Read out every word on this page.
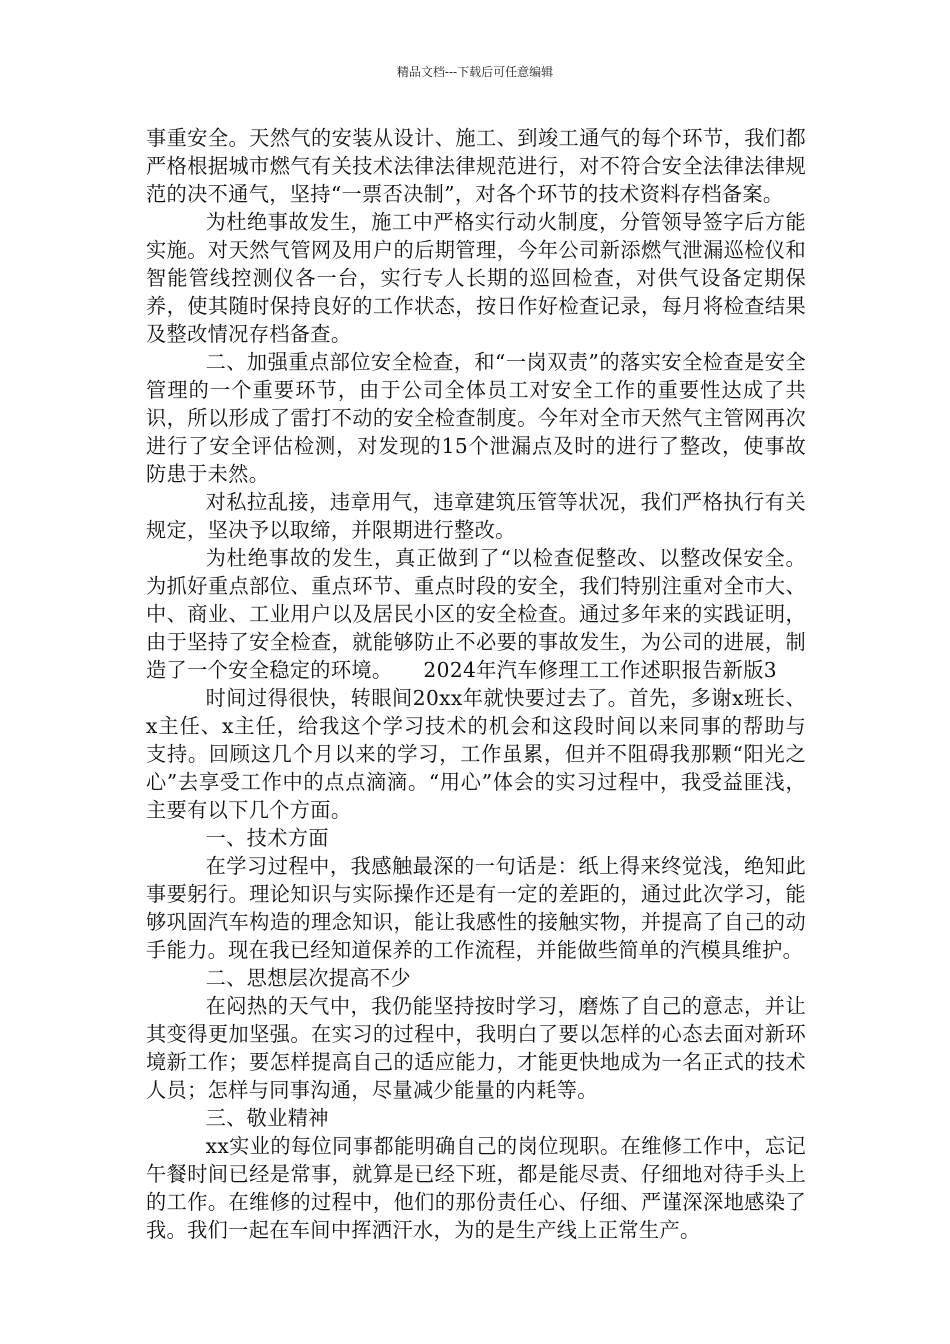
精品文档---下载后可任意编辑

事重安全。天然气的安装从设计、施工、到竣工通气的每个环节，我们都严格根据城市燃气有关技术法律法律规范进行，对不符合安全法律法律规范的决不通气，坚持“一票否决制”，对各个环节的技术资料存档备案。

为杜绝事故发生，施工中严格实行动火制度，分管领导签字后方能实施。对天然气管网及用户的后期管理，今年公司新添燃气泄漏巡检仪和智能管线控测仪各一台，实行专人长期的巡回检查，对供气设备定期保养，使其随时保持良好的工作状态，按日作好检查记录，每月将检查结果及整改情况存档备查。

二、加强重点部位安全检查，和“一岗双责”的落实安全检查是安全管理的一个重要环节，由于公司全体员工对安全工作的重要性达成了共识，所以形成了雷打不动的安全检查制度。今年对全市天然气主管网再次进行了安全评估检测，对发现的15个泄漏点及时的进行了整改，使事故防患于未然。

对私拉乱接，违章用气，违章建筑压管等状况，我们严格执行有关规定，坚决予以取缔，并限期进行整改。

为杜绝事故的发生，真正做到了“以检查促整改、以整改保安全。为抓好重点部位、重点环节、重点时段的安全，我们特别注重对全市大、中、商业、工业用户以及居民小区的安全检查。通过多年来的实践证明，由于坚持了安全检查，就能够防止不必要的事故发生，为公司的进展，制造了一个安全稳定的环境。　　2024年汽车修理工工作述职报告新版3

时间过得很快，转眼间20xx年就快要过去了。首先，多谢x班长、x主任、x主任，给我这个学习技术的机会和这段时间以来同事的帮助与支持。回顾这几个月以来的学习，工作虽累，但并不阻碍我那颗“阳光之心”去享受工作中的点点滴滴。“用心”体会的实习过程中，我受益匪浅，主要有以下几个方面。

一、技术方面

在学习过程中，我感触最深的一句话是：纸上得来终觉浅，绝知此事要躬行。理论知识与实际操作还是有一定的差距的，通过此次学习，能够巩固汽车构造的理念知识，能让我感性的接触实物，并提高了自己的动手能力。现在我已经知道保养的工作流程，并能做些简单的汽模具维护。

二、思想层次提高不少

在闷热的天气中，我仍能坚持按时学习，磨炼了自己的意志，并让其变得更加坚强。在实习的过程中，我明白了要以怎样的心态去面对新环境新工作；要怎样提高自己的适应能力，才能更快地成为一名正式的技术人员；怎样与同事沟通，尽量减少能量的内耗等。

三、敬业精神

xx实业的每位同事都能明确自己的岗位现职。在维修工作中，忘记午餐时间已经是常事，就算是已经下班，都是能尽责、仔细地对待手头上的工作。在维修的过程中，他们的那份责任心、仔细、严谨深深地感染了我。我们一起在车间中挥洒汗水，为的是生产线上正常生产。
